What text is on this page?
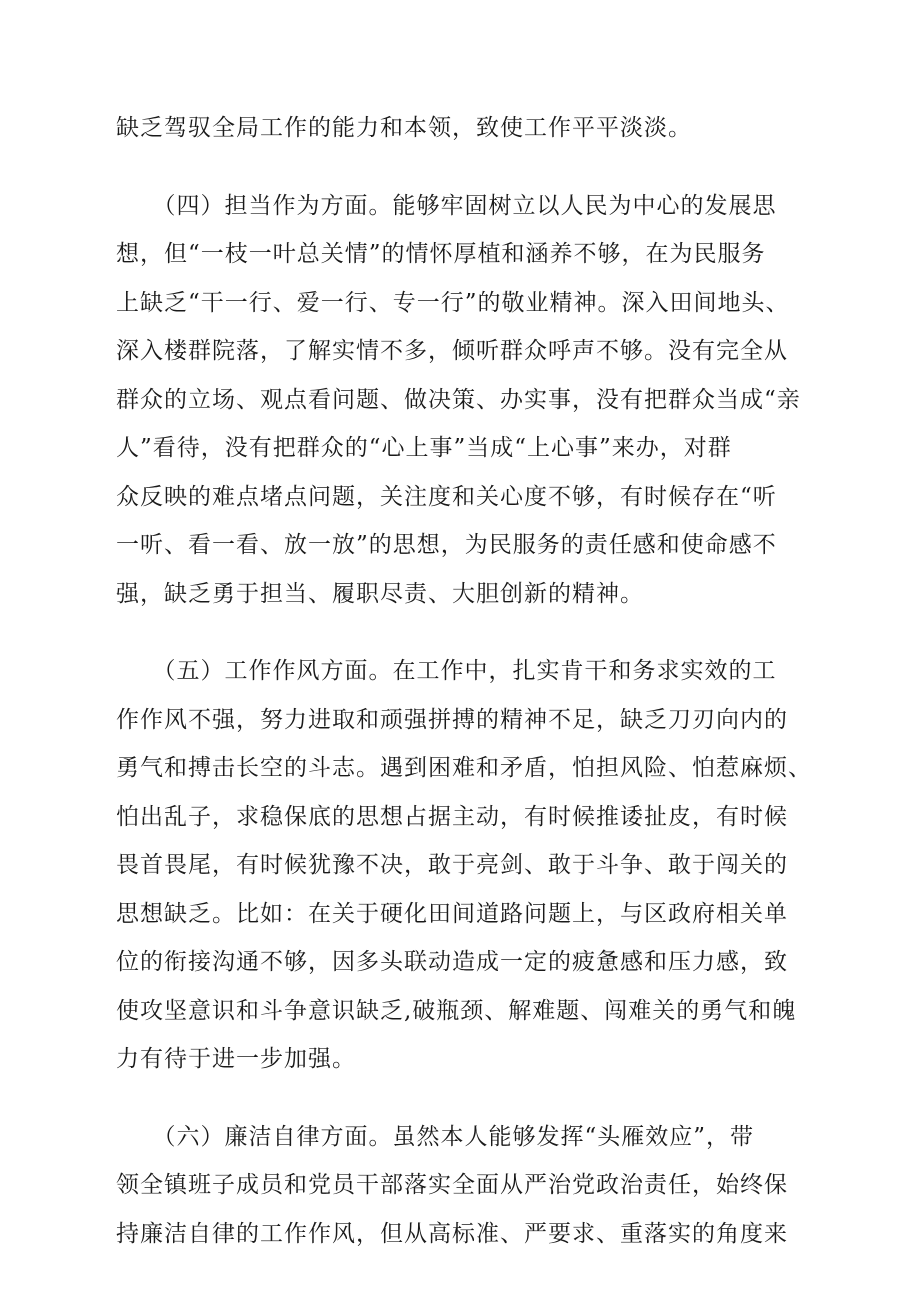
缺乏驾驭全局工作的能力和本领，致使工作平平淡淡。
　　（四）担当作为方面。能够牢固树立以人民为中心的发展思
想，但“一枝一叶总关情”的情怀厚植和涵养不够，在为民服务
上缺乏“干一行、爱一行、专一行”的敬业精神。深入田间地头、
深入楼群院落，了解实情不多，倾听群众呼声不够。没有完全从
群众的立场、观点看问题、做决策、办实事，没有把群众当成“亲
人”看待，没有把群众的“心上事”当成“上心事”来办，对群
众反映的难点堵点问题，关注度和关心度不够，有时候存在“听
一听、看一看、放一放”的思想，为民服务的责任感和使命感不
强，缺乏勇于担当、履职尽责、大胆创新的精神。
　　（五）工作作风方面。在工作中，扎实肯干和务求实效的工
作作风不强，努力进取和顽强拼搏的精神不足，缺乏刀刃向内的
勇气和搏击长空的斗志。遇到困难和矛盾，怕担风险、怕惹麻烦、
怕出乱子，求稳保底的思想占据主动，有时候推诿扯皮，有时候
畏首畏尾，有时候犹豫不决，敢于亮剑、敢于斗争、敢于闯关的
思想缺乏。比如：在关于硬化田间道路问题上，与区政府相关单
位的衔接沟通不够，因多头联动造成一定的疲惫感和压力感，致
使攻坚意识和斗争意识缺乏,破瓶颈、解难题、闯难关的勇气和魄
力有待于进一步加强。
　　（六）廉洁自律方面。虽然本人能够发挥“头雁效应”，带
领全镇班子成员和党员干部落实全面从严治党政治责任，始终保
持廉洁自律的工作作风，但从高标准、严要求、重落实的角度来
